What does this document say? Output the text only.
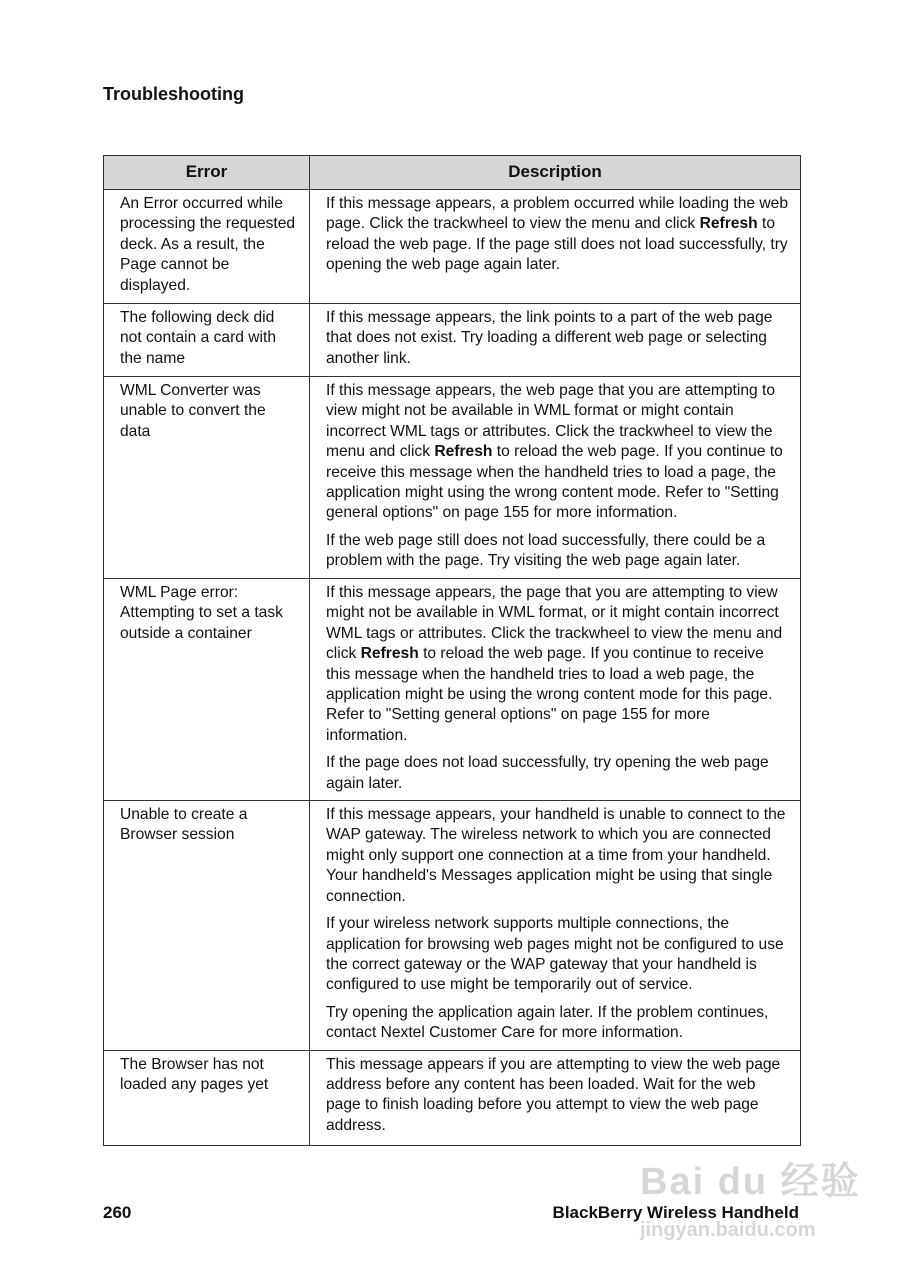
Troubleshooting
Error	Description
An Error occurred while processing the requested deck. As a result, the Page cannot be displayed.	If this message appears, a problem occurred while loading the web page. Click the trackwheel to view the menu and click Refresh to reload the web page. If the page still does not load successfully, try opening the web page again later.

The following deck did not contain a card with the name	If this message appears, the link points to a part of the web page that does not exist. Try loading a different web page or selecting another link.

WML Converter was unable to convert the data	If this message appears, the web page that you are attempting to view might not be available in WML format or might contain incorrect WML tags or attributes. Click the trackwheel to view the menu and click Refresh to reload the web page. If you continue to receive this message when the handheld tries to load a page, the application might using the wrong content mode. Refer to "Setting general options" on page 155 for more information.

If the web page still does not load successfully, there could be a problem with the page. Try visiting the web page again later.

WML Page error: Attempting to set a task outside a container	If this message appears, the page that you are attempting to view might not be available in WML format, or it might contain incorrect WML tags or attributes. Click the trackwheel to view the menu and click Refresh to reload the web page. If you continue to receive this message when the handheld tries to load a web page, the application might be using the wrong content mode for this page. Refer to "Setting general options" on page 155 for more information.

If the page does not load successfully, try opening the web page again later.

Unable to create a Browser session	If this message appears, your handheld is unable to connect to the WAP gateway. The wireless network to which you are connected might only support one connection at a time from your handheld. Your handheld's Messages application might be using that single connection.

If your wireless network supports multiple connections, the application for browsing web pages might not be configured to use the correct gateway or the WAP gateway that your handheld is configured to use might be temporarily out of service.

Try opening the application again later. If the problem continues, contact Nextel Customer Care for more information.

The Browser has not loaded any pages yet	This message appears if you are attempting to view the web page address before any content has been loaded. Wait for the web page to finish loading before you attempt to view the web page address.

260	BlackBerry Wireless Handheld
Bai du 经验
jingyan.baidu.com
